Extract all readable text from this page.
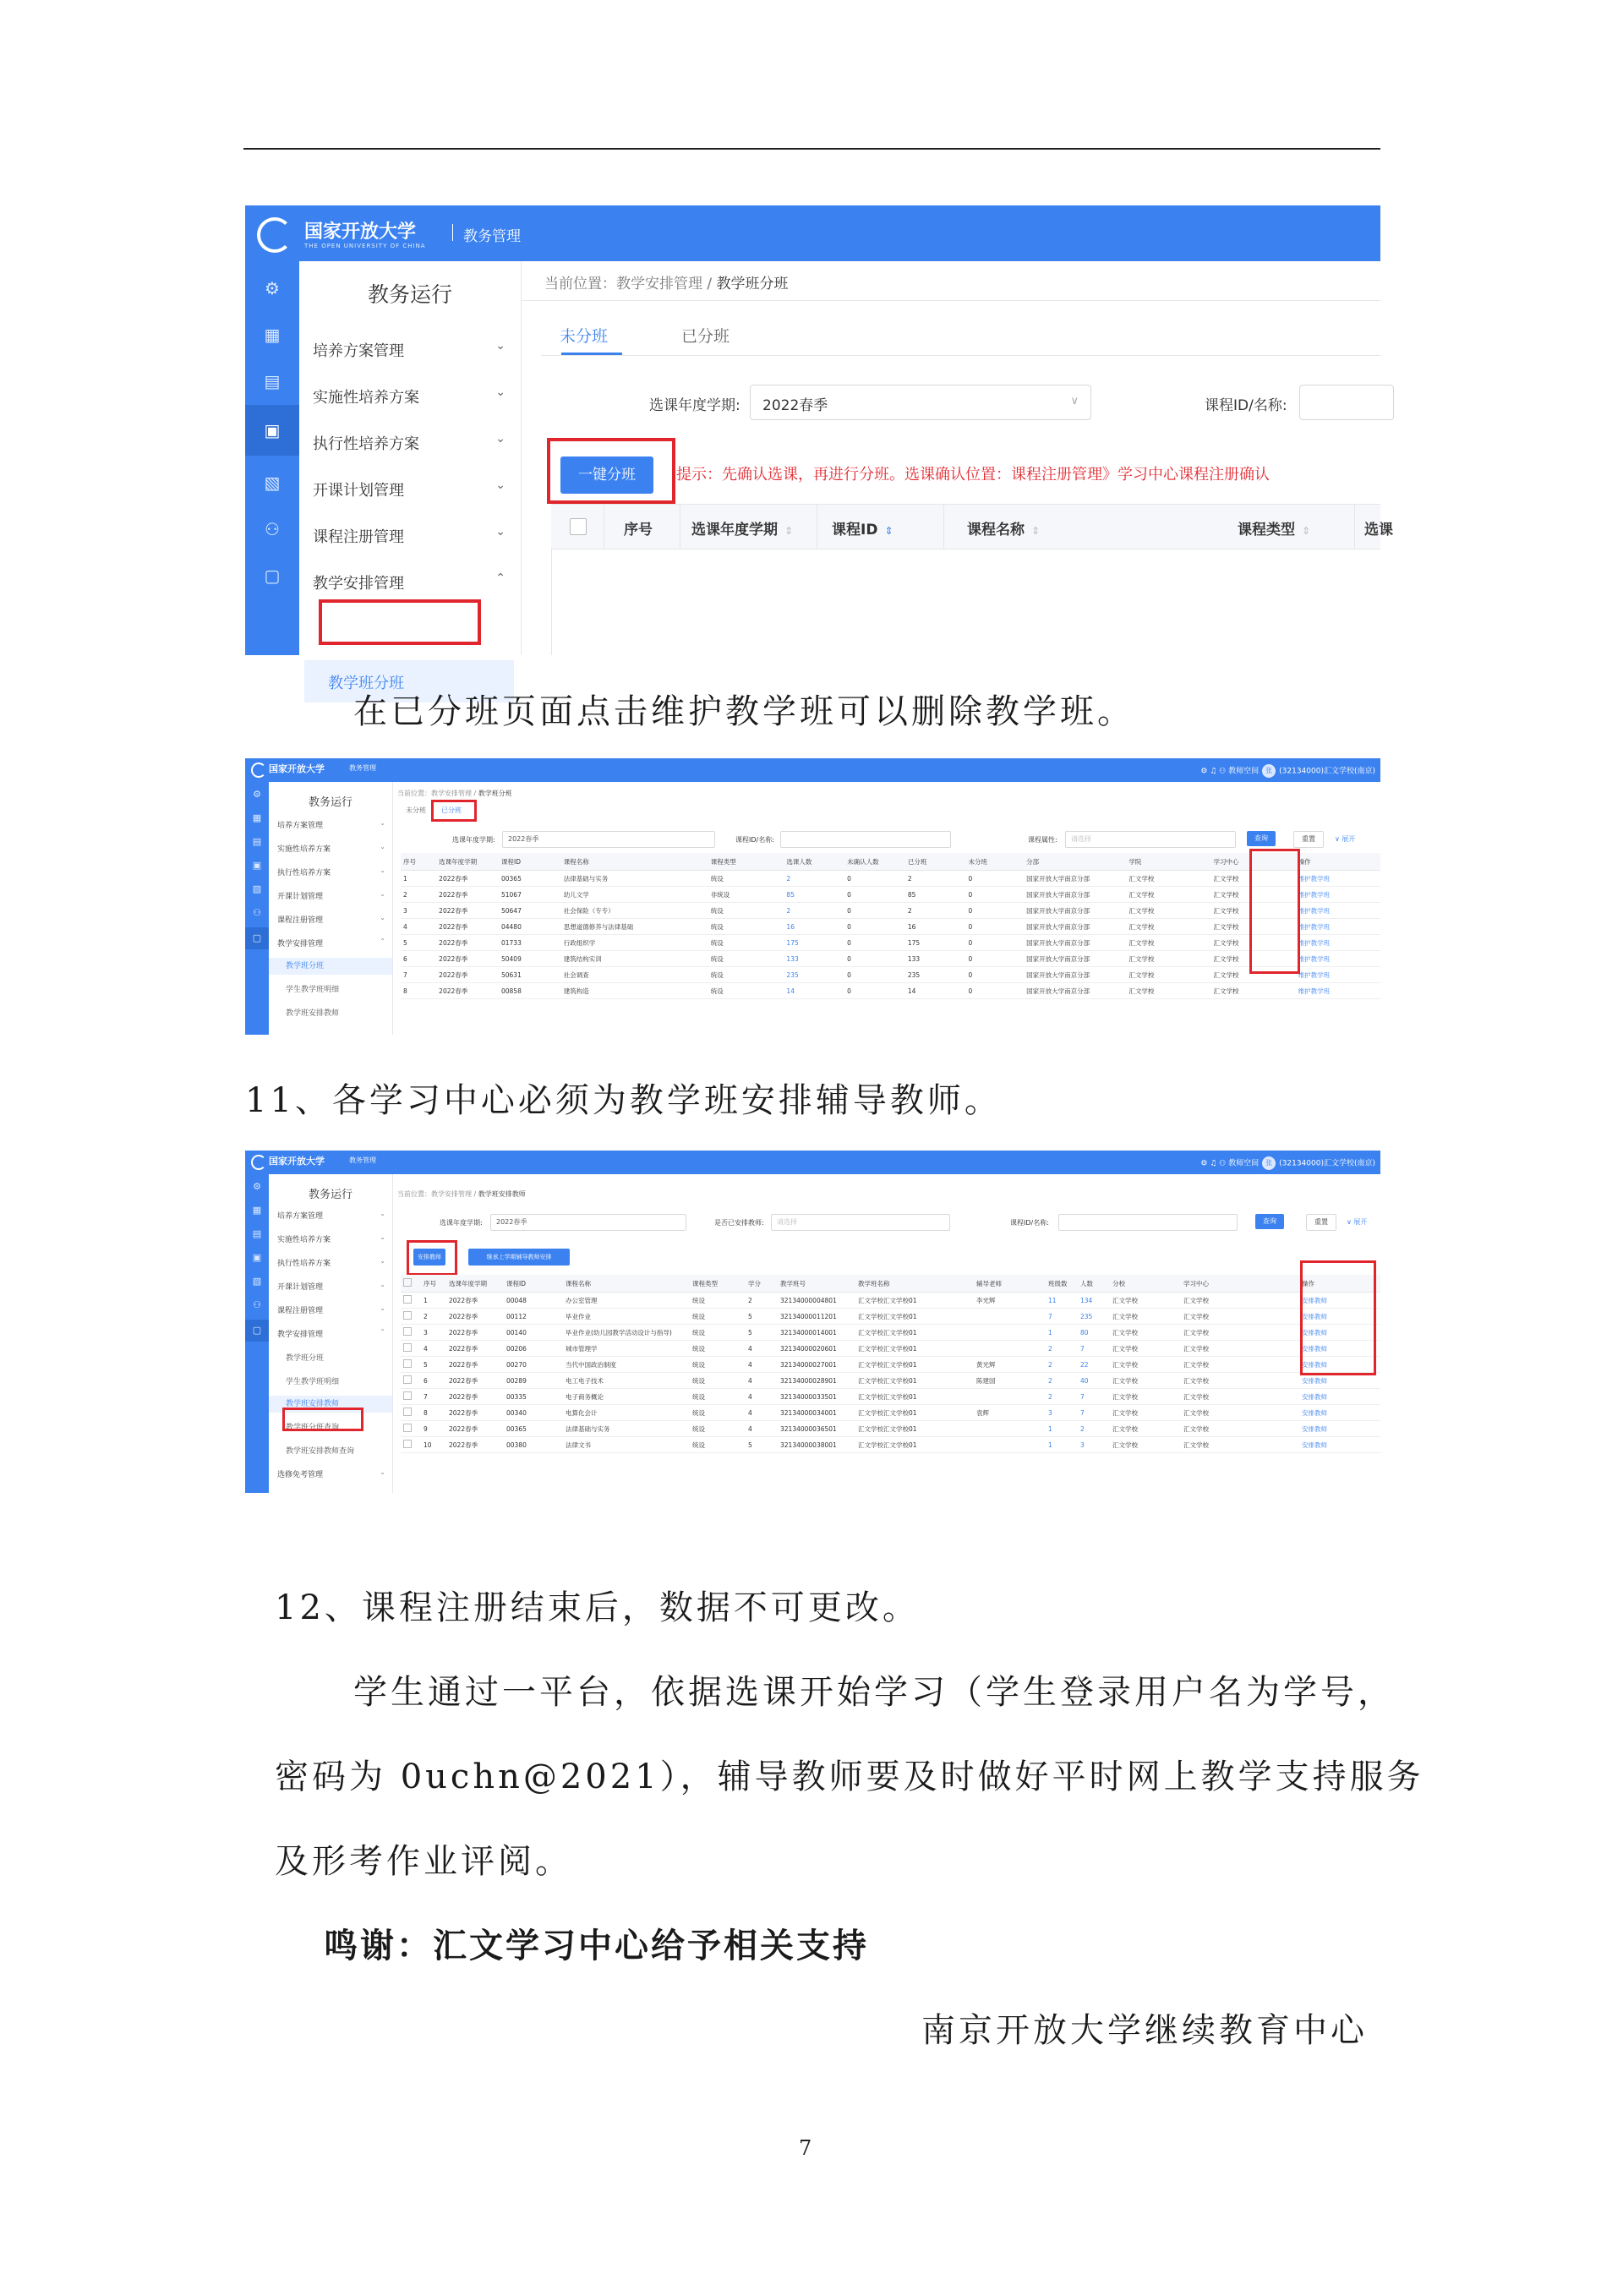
国家开放大学
THE OPEN UNIVERSITY OF CHINA
教务管理
⚙
▦
▤
▣
▧
⚇
▢
教务运行
培养方案管理	⌄
实施性培养方案	⌄
执行性培养方案	⌄
开课计划管理	⌄
课程注册管理	⌄
教学安排管理	⌃
教学班分班
当前位置：教学安排管理 / 教学班分班
未分班	已分班
选课年度学期: 2022春季	∨	课程ID/名称:
一键分班	提示：先确认选课，再进行分班。选课确认位置：课程注册管理》学习中心课程注册确认
序号	选课年度学期 ⇕	课程ID ⇕	课程名称 ⇕	课程类型 ⇕	选课
在已分班页面点击维护教学班可以删除教学班。
国家开放大学	教务管理	⚙ ♫ ⚇ 教师空间 张 (32134000)汇文学校(南京)
⚙
▦
▤
▣
▧
⚇
▢
教务运行
培养方案管理	⌄
实施性培养方案	⌄
执行性培养方案	⌄
开课计划管理	⌄
课程注册管理	⌄
教学安排管理	⌃
教学班分班
学生教学班明细
教学班安排教师
当前位置：教学安排管理 / 教学班分班
未分班 已分班
选课年度学期: 2022春季	课程ID/名称:	课程属性: 请选择	查询	重置	∨ 展开
序号	选课年度学期	课程ID	课程名称	课程类型	选课人数	未确认人数	已分班	未分班	分部	学院	学习中心	操作
1	2022春季	00365	法律基础与实务	统设	2	0	2	0	国家开放大学南京分部	汇文学校	汇文学校	维护教学班
2	2022春季	51067	幼儿文学	非统设	85	0	85	0	国家开放大学南京分部	汇文学校	汇文学校	维护教学班
3	2022春季	50647	社会保险（专专）	统设	2	0	2	0	国家开放大学南京分部	汇文学校	汇文学校	维护教学班
4	2022春季	04480	思想道德修养与法律基础	统设	16	0	16	0	国家开放大学南京分部	汇文学校	汇文学校	维护教学班
5	2022春季	01733	行政组织学	统设	175	0	175	0	国家开放大学南京分部	汇文学校	汇文学校	维护教学班
6	2022春季	50409	建筑结构实训	统设	133	0	133	0	国家开放大学南京分部	汇文学校	汇文学校	维护教学班
7	2022春季	50631	社会调查	统设	235	0	235	0	国家开放大学南京分部	汇文学校	汇文学校	维护教学班
8	2022春季	00858	建筑构造	统设	14	0	14	0	国家开放大学南京分部	汇文学校	汇文学校	维护教学班
11、各学习中心必须为教学班安排辅导教师。
国家开放大学	教务管理	⚙ ♫ ⚇ 教师空间 张 (32134000)汇文学校(南京)
⚙
▦
▤
▣
▧
⚇
▢
教务运行
培养方案管理	⌄
实施性培养方案	⌄
执行性培养方案	⌄
开课计划管理	⌄
课程注册管理	⌄
教学安排管理	⌃
教学班分班
学生教学班明细
教学班安排教师
教学班分班查询
教学班安排教师查询
选修免考管理	⌄
当前位置：教学安排管理 / 教学班安排教师
选课年度学期: 2022春季	是否已安排教师: 请选择	课程ID/名称:	查询	重置	∨ 展开
安排教师	继承上学期辅导教师安排
	序号	选课年度学期	课程ID	课程名称	课程类型	学分	教学班号	教学班名称	辅导老师	班级数	人数	分校	学习中心	操作
	1	2022春季	00048	办公室管理	统设	2	32134000004801	汇文学校汇文学校01	李光辉	11	134	汇文学校	汇文学校	安排教师
	2	2022春季	00112	毕业作业	统设	5	32134000011201	汇文学校汇文学校01		7	235	汇文学校	汇文学校	安排教师
	3	2022春季	00140	毕业作业(幼儿园教学活动设计与指导)	统设	5	32134000014001	汇文学校汇文学校01		1	80	汇文学校	汇文学校	安排教师
	4	2022春季	00206	城市管理学	统设	4	32134000020601	汇文学校汇文学校01		2	7	汇文学校	汇文学校	安排教师
	5	2022春季	00270	当代中国政治制度	统设	4	32134000027001	汇文学校汇文学校01	黄光辉	2	22	汇文学校	汇文学校	安排教师
	6	2022春季	00289	电工电子技术	统设	4	32134000028901	汇文学校汇文学校01	陈建国	2	40	汇文学校	汇文学校	安排教师
	7	2022春季	00335	电子商务概论	统设	4	32134000033501	汇文学校汇文学校01		2	7	汇文学校	汇文学校	安排教师
	8	2022春季	00340	电算化会计	统设	4	32134000034001	汇文学校汇文学校01	袁辉	3	7	汇文学校	汇文学校	安排教师
	9	2022春季	00365	法律基础与实务	统设	4	32134000036501	汇文学校汇文学校01		1	2	汇文学校	汇文学校	安排教师
	10	2022春季	00380	法律文书	统设	5	32134000038001	汇文学校汇文学校01		1	3	汇文学校	汇文学校	安排教师
12、课程注册结束后，数据不可更改。
学生通过一平台，依据选课开始学习（学生登录用户名为学号，
密码为 0uchn@2021），辅导教师要及时做好平时网上教学支持服务
及形考作业评阅。
鸣谢：汇文学习中心给予相关支持
南京开放大学继续教育中心
7
